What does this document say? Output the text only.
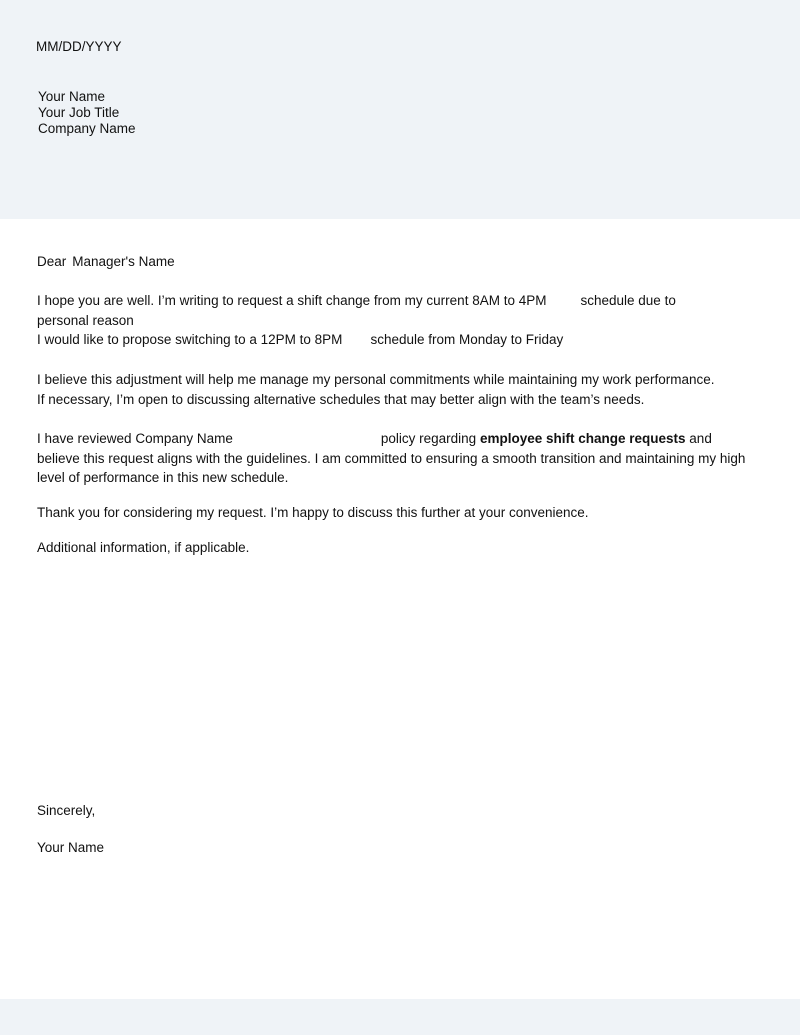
MM/DD/YYYY
Your Name
Your Job Title
Company Name
Dear Manager's Name
I hope you are well. I’m writing to request a shift change from my current 8AM to 4PM	schedule due to
personal reason
I would like to propose switching to a 12PM to 8PM schedule from Monday to Friday
I believe this adjustment will help me manage my personal commitments while maintaining my work performance.
If necessary, I’m open to discussing alternative schedules that may better align with the team’s needs.
I have reviewed Company Name	policy regarding employee shift change requests and believe this request aligns with the guidelines. I am committed to ensuring a smooth transition and maintaining my high level of performance in this new schedule.
Thank you for considering my request. I’m happy to discuss this further at your convenience.
Additional information, if applicable.
Sincerely,
Your Name
